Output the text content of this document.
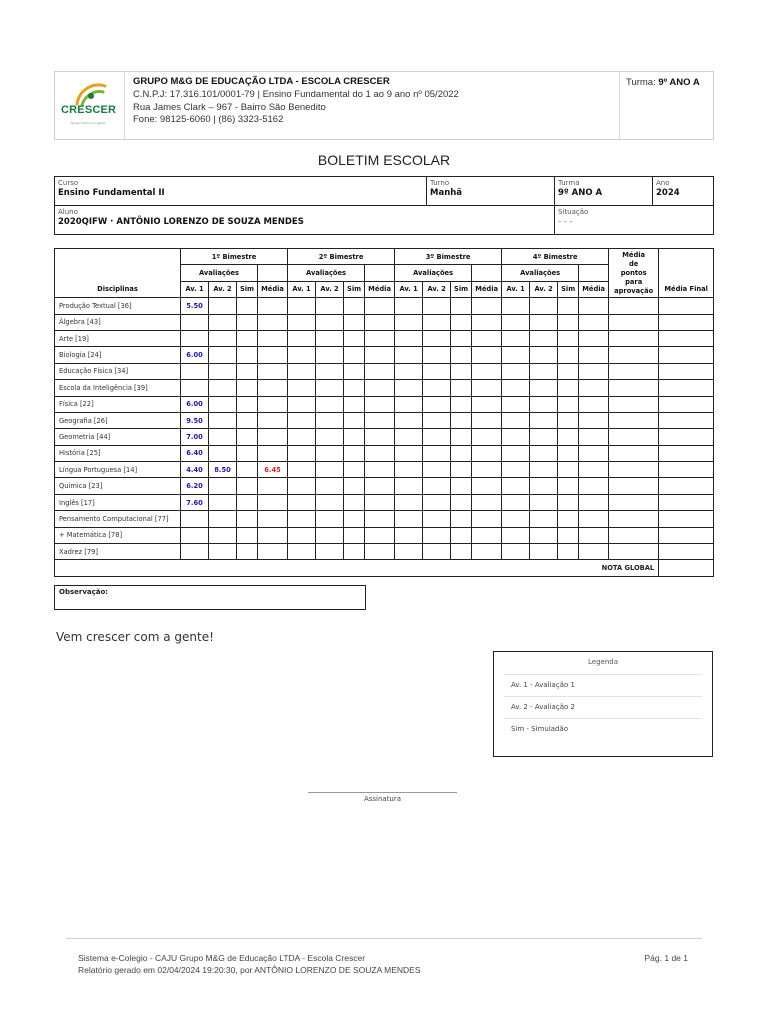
CRESCER
Nosso futuro é a gente
GRUPO M&G DE EDUCAÇÃO LTDA - ESCOLA CRESCER
C.N.P.J: 17.316.101/0001-79 | Ensino Fundamental do 1 ao 9 ano nº 05/2022
Rua James Clark – 967 - Bairro São Benedito
Fone: 98125-6060 | (86) 3323-5162
Turma: 9º ANO A
BOLETIM ESCOLAR
Curso
Ensino Fundamental II
Turno
Manhã
Turma
9º ANO A
Ano
2024
Aluno
2020QIFW · ANTÔNIO LORENZO DE SOUZA MENDES
Situação
- - -
Disciplinas	1º Bimestre				2º Bimestre				3º Bimestre				4º Bimestre				Média
de
pontos
para
aprovação	Média Final
	Avaliações				Avaliações				Avaliações				Avaliações					
	Av. 1	Av. 2	Sim	Média	Av. 1	Av. 2	Sim	Média	Av. 1	Av. 2	Sim	Média	Av. 1	Av. 2	Sim	Média		
Produção Textual [36]	5.50																	
Álgebra [43]																		
Arte [19]																		
Biologia [24]	6.00																	
Educação Física [34]																		
Escola da Inteligência [39]																		
Física [22]	6.00																	
Geografia [26]	9.50																	
Geometria [44]	7.00																	
História [25]	6.40																	
Língua Portuguesa [14]	4.40	8.50		6.45														
Química [23]	6.20																	
Inglês [17]	7.60																	
Pensamento Computacional [77]																		
+ Matemática [78]																		
Xadrez [79]																		
NOTA GLOBAL																		
Observação:
Vem crescer com a gente!
Legenda
Av. 1 - Avaliação 1
Av. 2 - Avaliação 2
Sim - Simuladão
Assinatura
Sistema e-Colegio - CAJU Grupo M&G de Educação LTDA - Escola Crescer
Relatório gerado em 02/04/2024 19:20:30, por ANTÔNIO LORENZO DE SOUZA MENDES
Pág. 1 de 1
